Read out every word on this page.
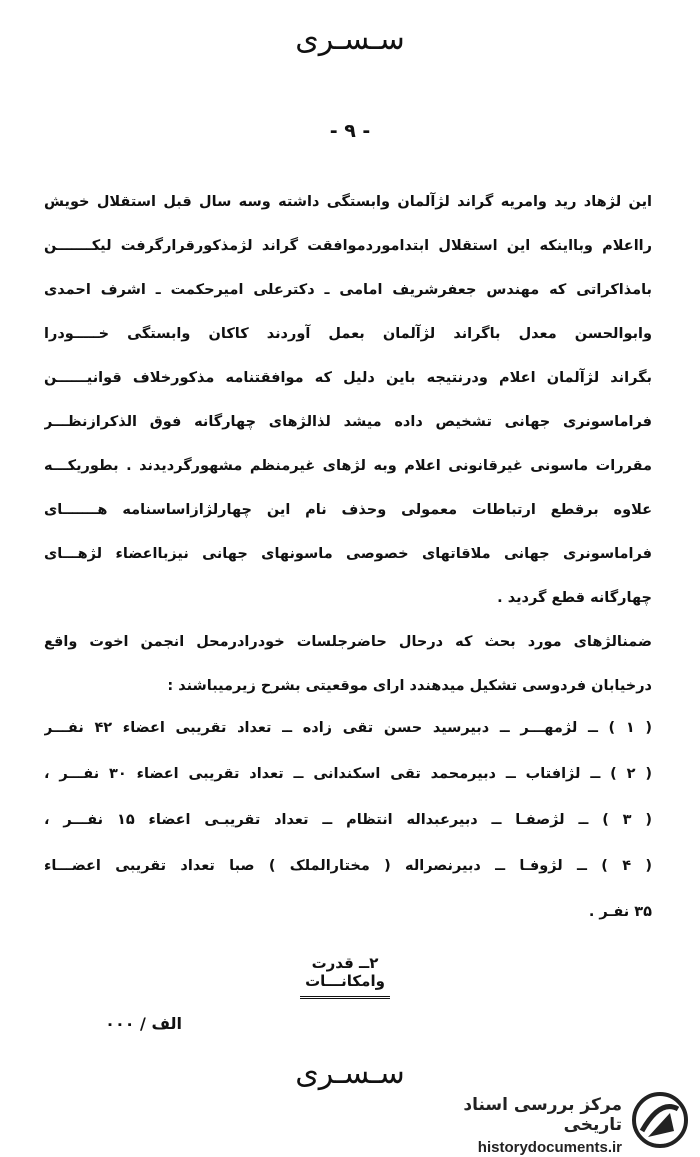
سـسـرى
- ۹ -
این لژهاد رید وامریه گراند لژآلمان وابستگی داشته وسه سال قبل استقلال خویش
رااعلام وبااینکه این استقلال ابتداموردموافقت گراند لژمذکورقرارگرفت لیکـــــــن
بامذاکراتی که مهندس جعفرشریف امامی ـ دکترعلی امیرحکمت ـ اشرف احمدی
وابوالحسن معدل باگراند لژآلمان بعمل آوردند کاکان وابستگی خـــــودرا
بگراند لژآلمان اعلام ودرنتیجه باین دلیل که موافقتنامه مذکورخلاف قوانیــــــن
فراماسونری جهانی تشخیص داده میشد لذالژهای چهارگانه فوق الذکرازنظـــر
مقررات ماسونی غیرقانونی اعلام وبه لژهای غیرمنظم مشهورگردیدند . بطوریکـــه
علاوه برقطع ارتباطات معمولی وحذف نام این چهارلژازاساسنامه هـــــــای
فراماسونری جهانی ملاقاتهای خصوصی ماسونهای جهانی نیزبااعضاء لژهـــای
چهارگانه قطع گردید .
ضمنالژهای مورد بحث که درحال حاضرجلسات خودرادرمحل انجمن اخوت واقع
درخیابان فردوسی تشکیل میدهندد ارای موقعیتی بشرح زیرمیباشند :
( ۱ ) ــ لژمهـــر ــ دبیرسید حسن تقی زاده ــ تعداد تقریبی اعضاء ۴۲ نفـــر
( ۲ ) ــ لژآفتاب ــ دبیرمحمد تقی اسکندانی ــ تعداد تقریبی اعضاء ۳۰ نفـــر ،
( ۳ ) ــ لژصفـا ــ دبیرعبداله انتظام ــ تعداد تقریبـی اعضاء ۱۵ نفـــر ،
( ۴ ) ــ لژوفـا ــ دبیرنصراله ( مختارالملک ) صبا تعداد تقریبی اعضـــاء
۳۵ نفـر .
۲ــ قدرت وامکانـــات
الف / ۰۰۰
سـسـرى
مرکز بررسی اسناد تاریخی
historydocuments.ir
